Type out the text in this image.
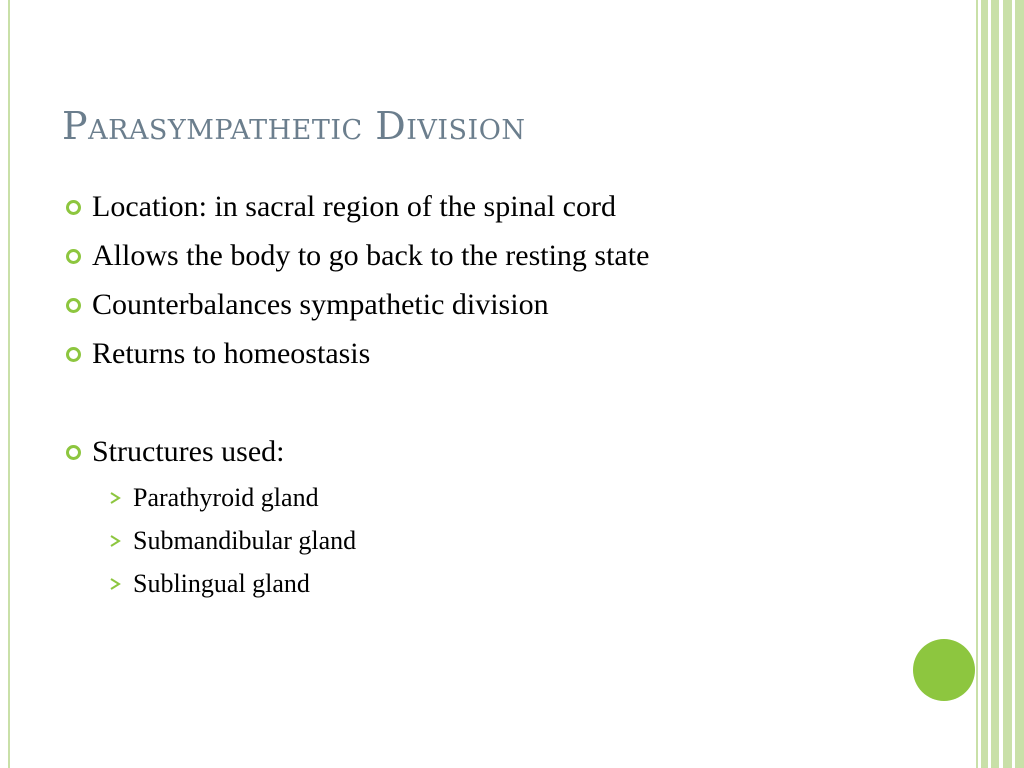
Parasympathetic Division
Location: in sacral region of the spinal cord
Allows the body to go back to the resting state
Counterbalances sympathetic division
Returns to homeostasis
Structures used:
Parathyroid gland
Submandibular gland
Sublingual gland
